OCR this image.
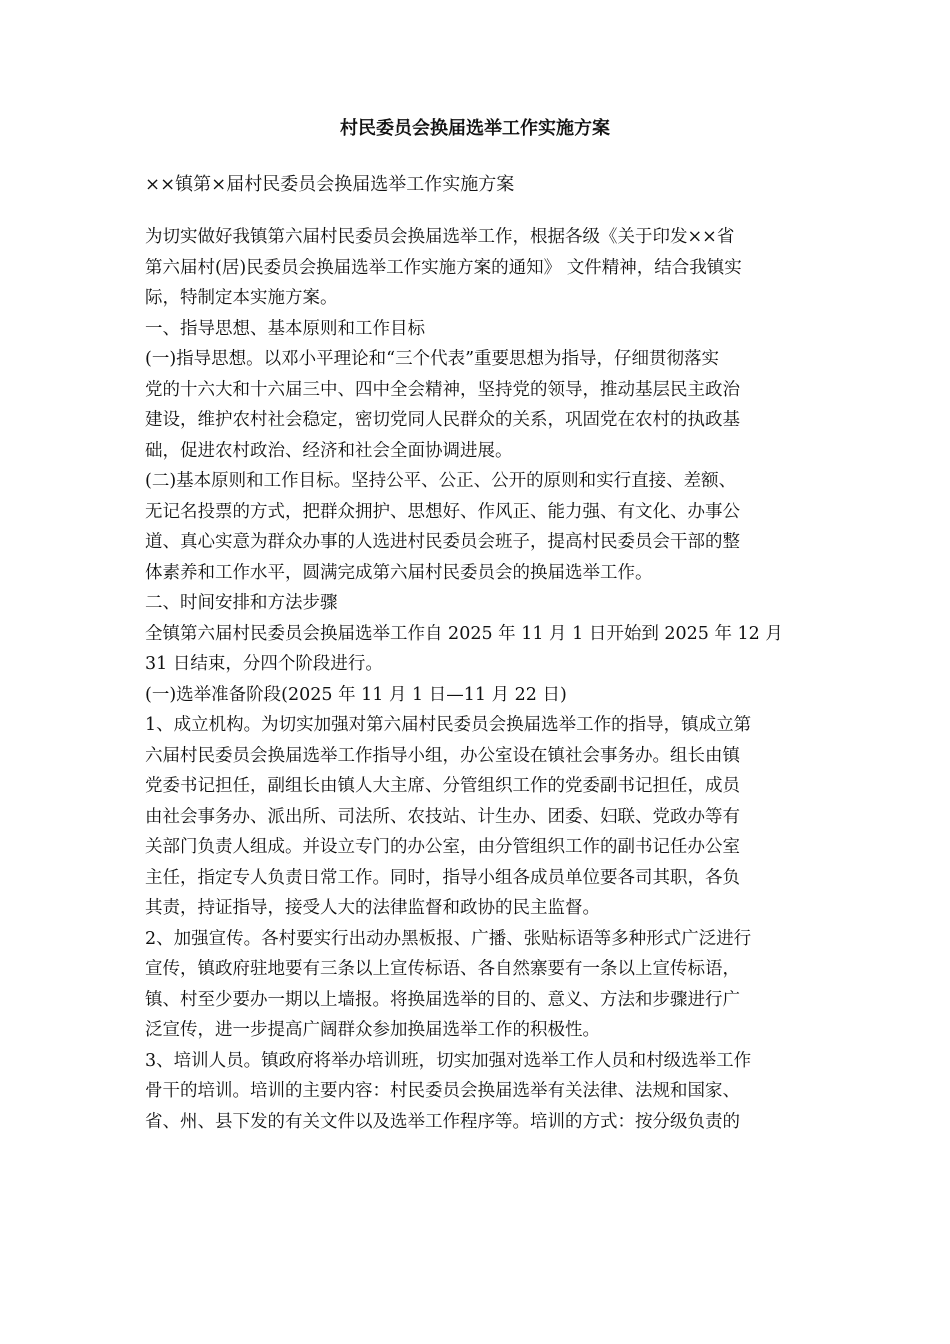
村民委员会换届选举工作实施方案

××镇第×届村民委员会换届选举工作实施方案

为切实做好我镇第六届村民委员会换届选举工作，根据各级《关于印发××省
第六届村(居)民委员会换届选举工作实施方案的通知》 文件精神，结合我镇实
际，特制定本实施方案。

一、指导思想、基本原则和工作目标

(一)指导思想。以邓小平理论和“三个代表”重要思想为指导，仔细贯彻落实
党的十六大和十六届三中、四中全会精神，坚持党的领导，推动基层民主政治
建设，维护农村社会稳定，密切党同人民群众的关系，巩固党在农村的执政基
础，促进农村政治、经济和社会全面协调进展。

(二)基本原则和工作目标。坚持公平、公正、公开的原则和实行直接、差额、
无记名投票的方式，把群众拥护、思想好、作风正、能力强、有文化、办事公
道、真心实意为群众办事的人选进村民委员会班子，提高村民委员会干部的整
体素养和工作水平，圆满完成第六届村民委员会的换届选举工作。

二、时间安排和方法步骤

全镇第六届村民委员会换届选举工作自 2025 年 11 月 1 日开始到 2025 年 12 月
31 日结束，分四个阶段进行。

(一)选举准备阶段(2025 年 11 月 1 日—11 月 22 日)

1、成立机构。为切实加强对第六届村民委员会换届选举工作的指导，镇成立第
六届村民委员会换届选举工作指导小组，办公室设在镇社会事务办。组长由镇
党委书记担任，副组长由镇人大主席、分管组织工作的党委副书记担任，成员
由社会事务办、派出所、司法所、农技站、计生办、团委、妇联、党政办等有
关部门负责人组成。并设立专门的办公室，由分管组织工作的副书记任办公室
主任，指定专人负责日常工作。同时，指导小组各成员单位要各司其职，各负
其责，持证指导，接受人大的法律监督和政协的民主监督。

2、加强宣传。各村要实行出动办黑板报、广播、张贴标语等多种形式广泛进行
宣传，镇政府驻地要有三条以上宣传标语、各自然寨要有一条以上宣传标语，
镇、村至少要办一期以上墙报。将换届选举的目的、意义、方法和步骤进行广
泛宣传，进一步提高广阔群众参加换届选举工作的积极性。

3、培训人员。镇政府将举办培训班，切实加强对选举工作人员和村级选举工作
骨干的培训。培训的主要内容：村民委员会换届选举有关法律、法规和国家、
省、州、县下发的有关文件以及选举工作程序等。培训的方式：按分级负责的
